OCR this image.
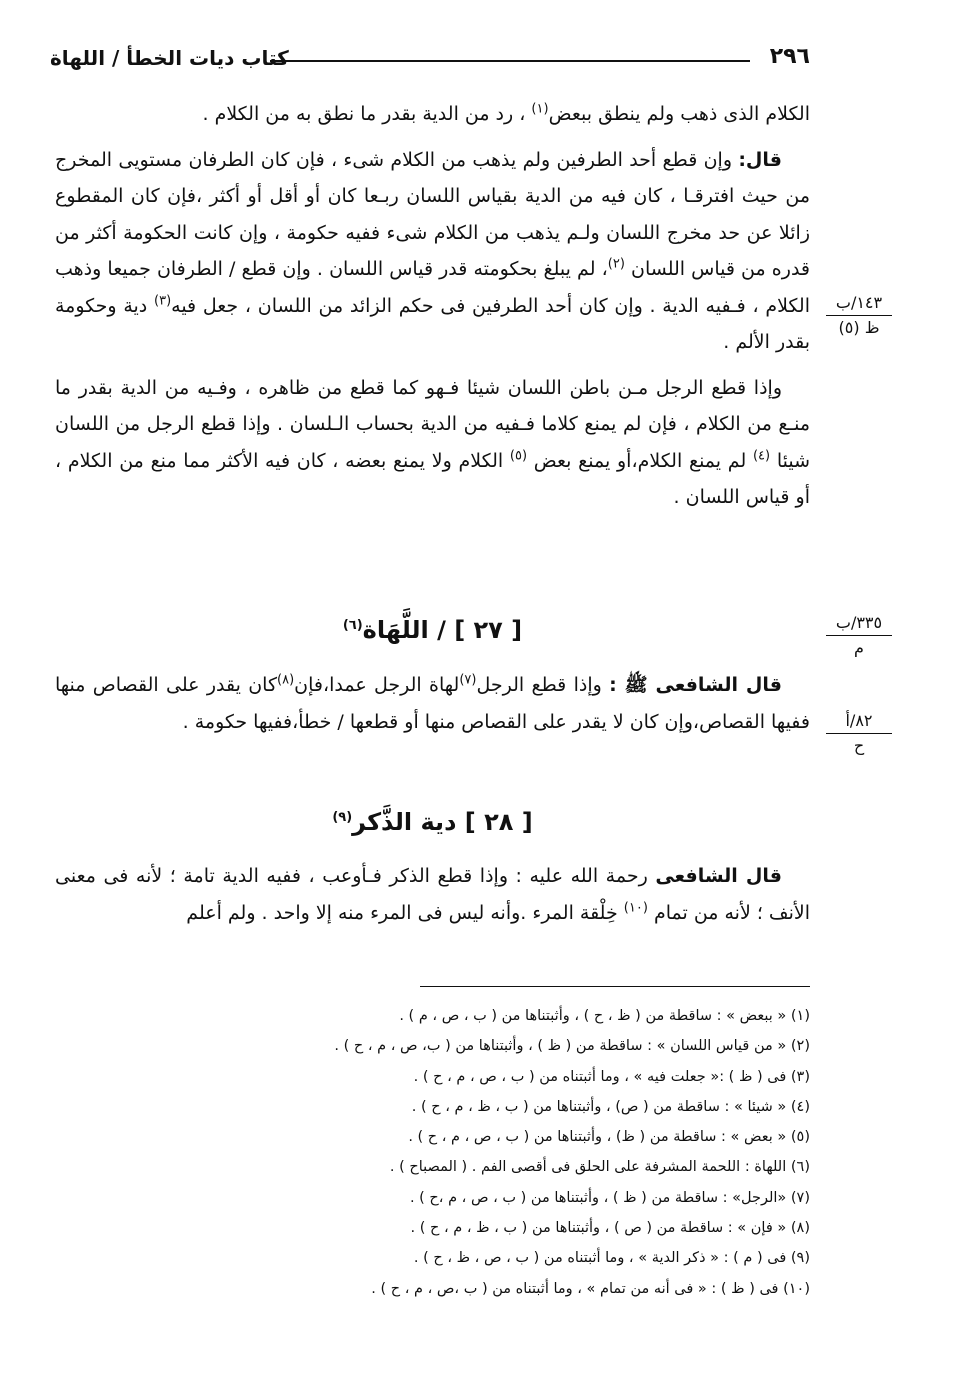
٢٩٦
كتاب ديات الخطأ / اللهاة

الكلام الذى ذهب ولم ينطق ببعض$^{(١)}$ ، رد من الدية بقدر ما نطق به من الكلام .

قال: وإن قطع أحد الطرفين ولم يذهب من الكلام شىء ، فإن كان الطرفان مستويى المخرج من حيث افترقـا ، كان فيه من الدية بقياس اللسان ربـعا كان أو أقل أو أكثر ،فإن كان المقطوع زائلا عن حد مخرج اللسان ولـم يذهب من الكلام شىء ففيه حكومة ، وإن كانت الحكومة أكثر من قدره من قياس اللسان $^{(٢)}$، لم يبلغ بحكومته قدر قياس اللسان . وإن قطع / الطرفان جميعا وذهب الكلام ، فـفيه الدية . وإن كان أحد الطرفين فى حكم الزائد من اللسان ، جعل فيه$^{(٣)}$ دية وحكومة بقدر الألم .

وإذا قطع الرجل مـن باطن اللسان شيئا فـهو كما قطع من ظاهره ، وفـيه من الدية بقدر ما منـع من الكلام ، فإن لم يمنع كلاما فـفيه من الدية بحساب الـلسان . وإذا قطع الرجل من اللسان شيئا $^{(٤)}$ لم يمنع الكلام،أو يمنع بعض $^{(٥)}$ الكلام ولا يمنع بعضه ، كان فيه الأكثر مما منع من الكلام ، أو قياس اللسان .

[ ٢٧ ] / اللَّهَاة$^{(٦)}$

قال الشافعى ﷺ : وإذا قطع الرجل$^{(٧)}$لهاة الرجل عمدا،فإن$^{(٨)}$كان يقدر على القصاص منها ففيها القصاص،وإن كان لا يقدر على القصاص منها أو قطعها / خطأ،ففيها حكومة .

[ ٢٨ ] دية الذَّكر$^{(٩)}$

قال الشافعى رحمة الله عليه : وإذا قطع الذكر فـأوعب ، ففيه الدية تامة ؛ لأنه فى معنى الأنف ؛ لأنه من تمام $^{(١٠)}$ خِلْقة المرء .وأنه ليس فى المرء منه إلا واحد . ولم أعلم

١٤٣/ب
ظ (٥)
٣٣٥/ب
م
٨٢/أ
ح
(١) « ببعض » : ساقطة من ( ظ ، ح ) ، وأثبتناها من ( ب ، ص ، م ) .
(٢) « من قياس اللسان » : ساقطة من ( ظ ) ، وأثبتناها من ( ب، ص ، م ، ح ) .
(٣) فى ( ظ ) :« جعلت فيه » ، وما أثبتناه من ( ب ، ص ، م ، ح ) .
(٤) « شيئا » : ساقطة من ( ص) ، وأثبتناها من ( ب ، ظ ، م ، ح ) .
(٥) « بعض » : ساقطة من ( ظ) ، وأثبتناها من ( ب ، ص ، م ، ح ) .
(٦) اللهاة : اللحمة المشرفة على الحلق فى أقصى الفم . ( المصباح ) .
(٧) «الرجل» : ساقطة من ( ظ ) ، وأثبتناها من ( ب ، ص ، م ،ح ) .
(٨) « فإن » : ساقطة من ( ص ) ، وأثبتناها من ( ب ، ظ ، م ، ح ) .
(٩) فى ( م ) : « ذكر الدية » ، وما أثبتناه من ( ب ، ص ، ظ ، ح ) .
(١٠) فى ( ظ ) : « فى أنه من تمام » ، وما أثبتناه من ( ب ،ص ، م ، ح ) .
